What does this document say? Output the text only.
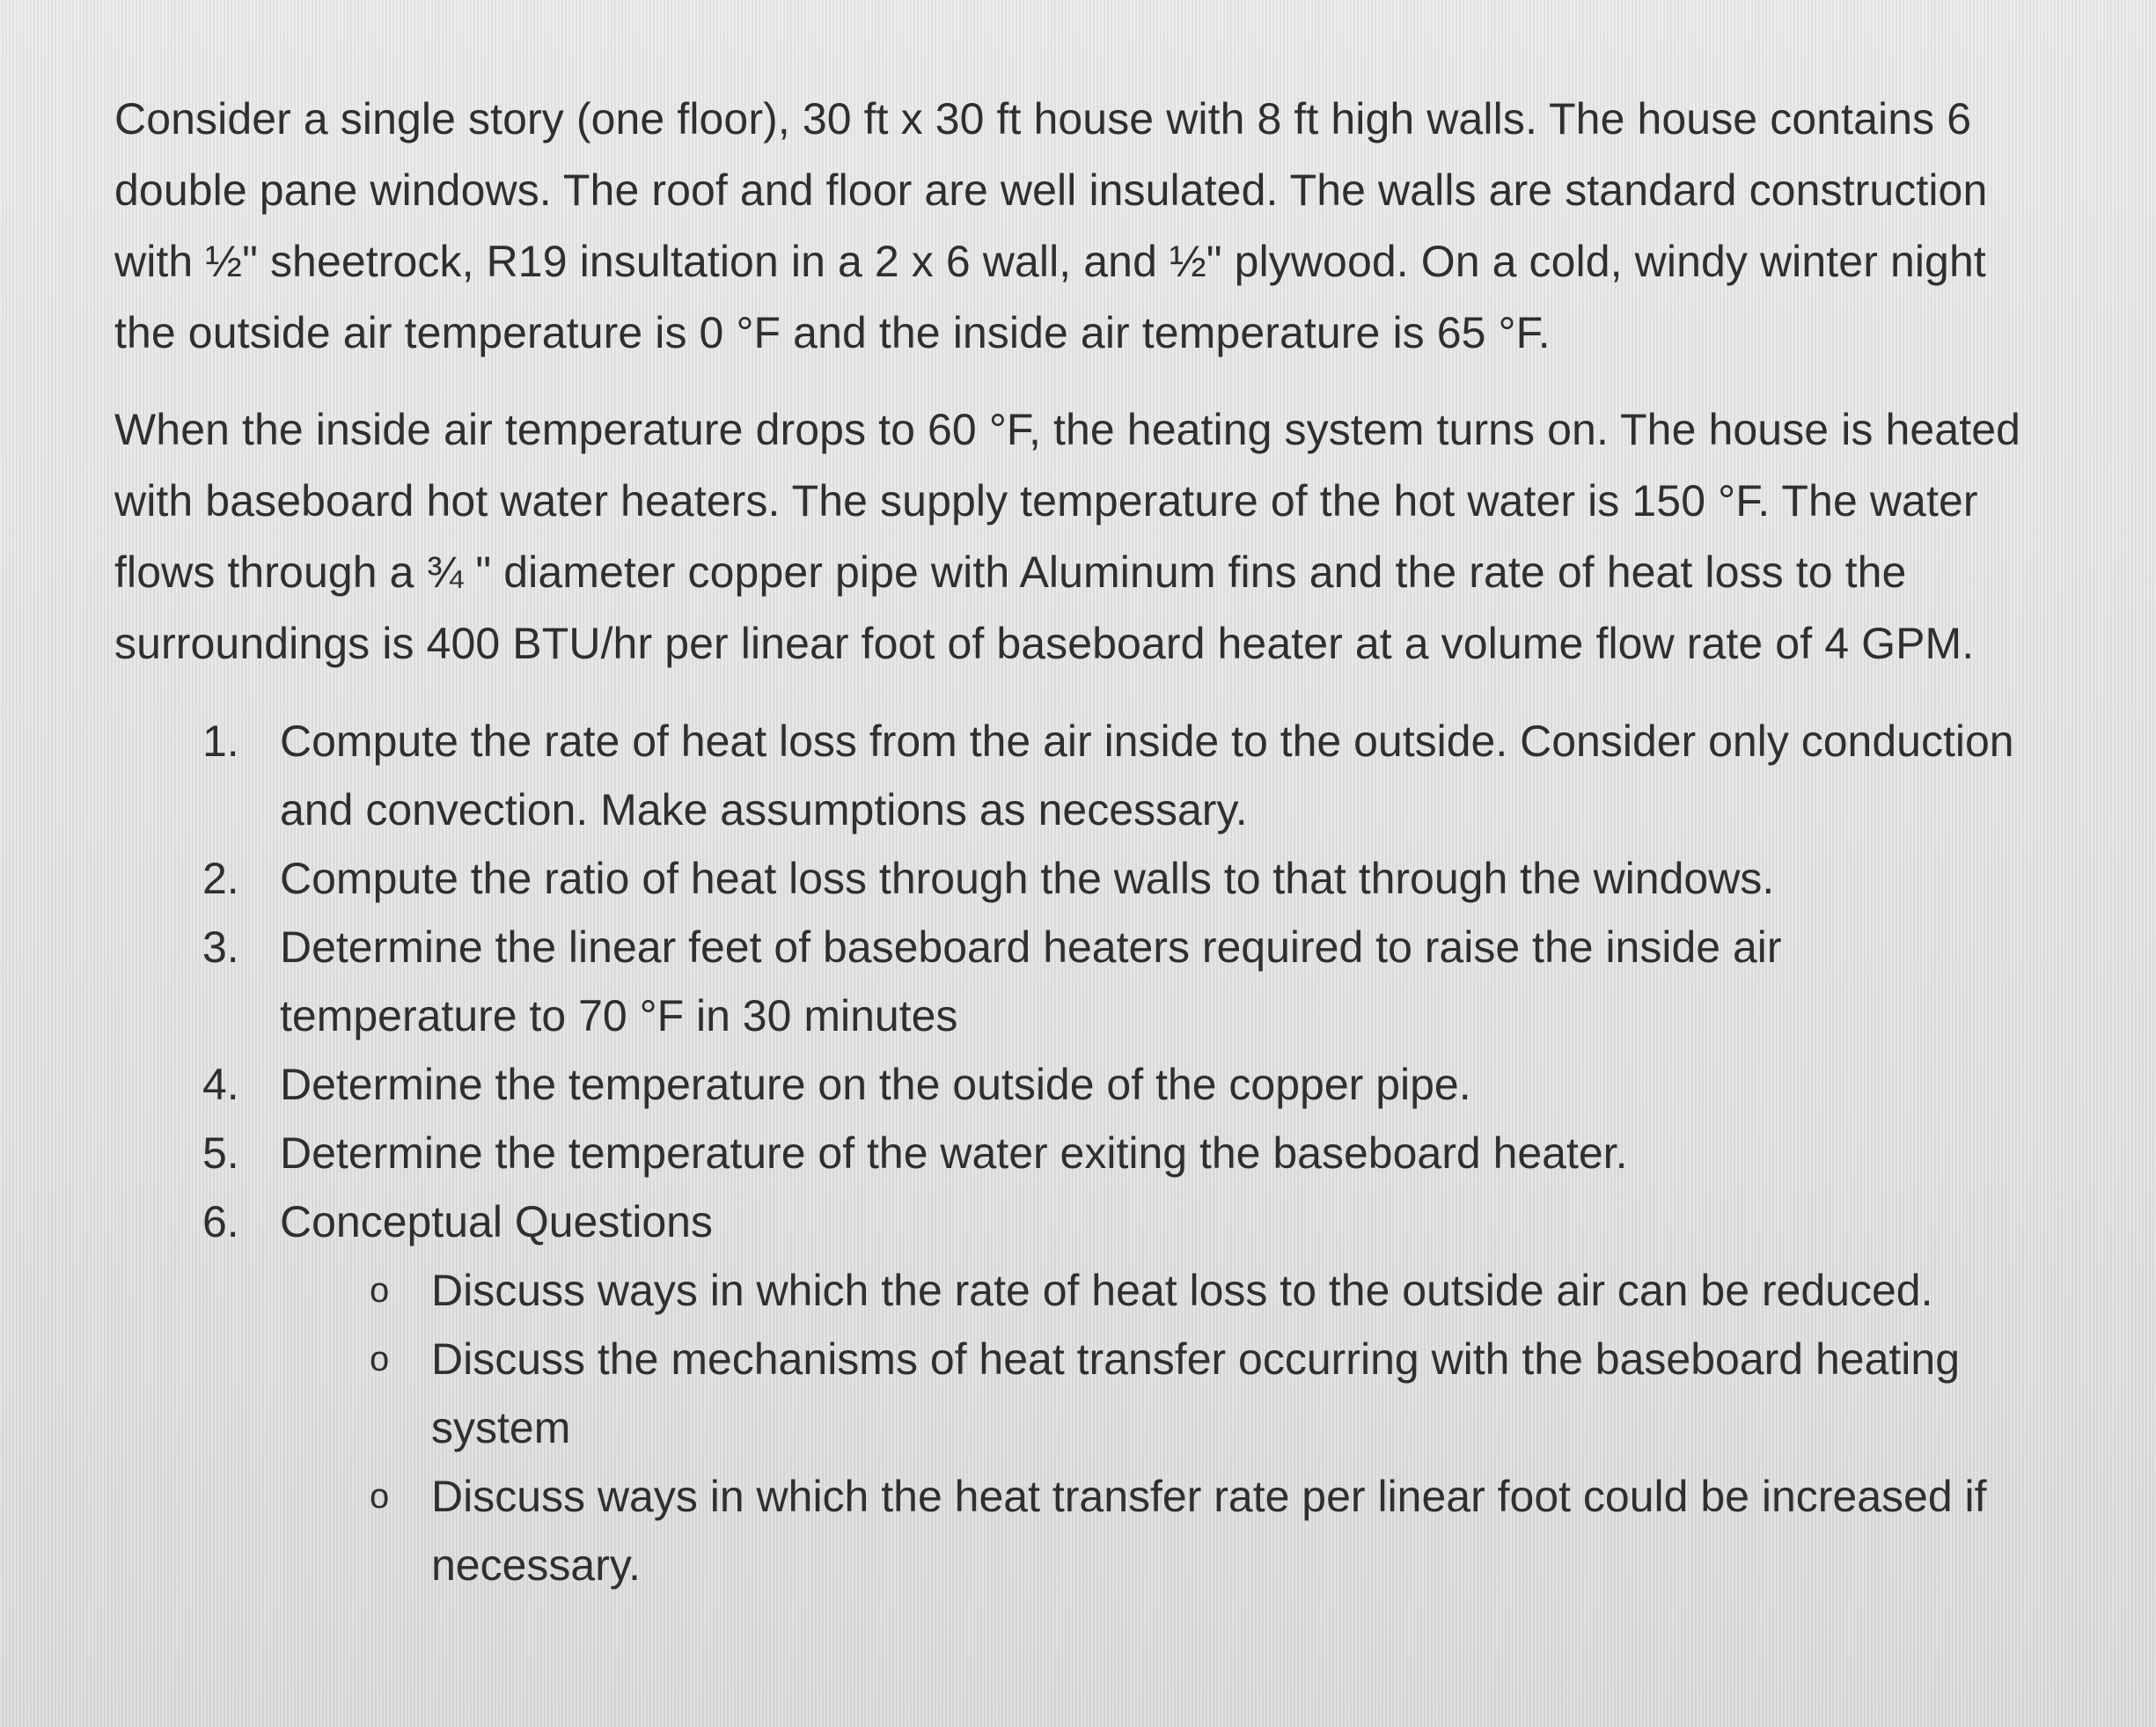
Consider a single story (one floor), 30 ft x 30 ft house with 8 ft high walls. The house contains 6 double pane windows. The roof and floor are well insulated. The walls are standard construction with ½" sheetrock, R19 insultation in a 2 x 6 wall, and ½" plywood. On a cold, windy winter night the outside air temperature is 0 °F and the inside air temperature is 65 °F.

When the inside air temperature drops to 60 °F, the heating system turns on. The house is heated with baseboard hot water heaters. The supply temperature of the hot water is 150 °F. The water flows through a ¾ " diameter copper pipe with Aluminum fins and the rate of heat loss to the surroundings is 400 BTU/hr per linear foot of baseboard heater at a volume flow rate of 4 GPM.

1. Compute the rate of heat loss from the air inside to the outside. Consider only conduction and convection. Make assumptions as necessary.
2. Compute the ratio of heat loss through the walls to that through the windows.
3. Determine the linear feet of baseboard heaters required to raise the inside air temperature to 70 °F in 30 minutes
4. Determine the temperature on the outside of the copper pipe.
5. Determine the temperature of the water exiting the baseboard heater.
6. Conceptual Questions
o Discuss ways in which the rate of heat loss to the outside air can be reduced.
o Discuss the mechanisms of heat transfer occurring with the baseboard heating system
o Discuss ways in which the heat transfer rate per linear foot could be increased if necessary.
